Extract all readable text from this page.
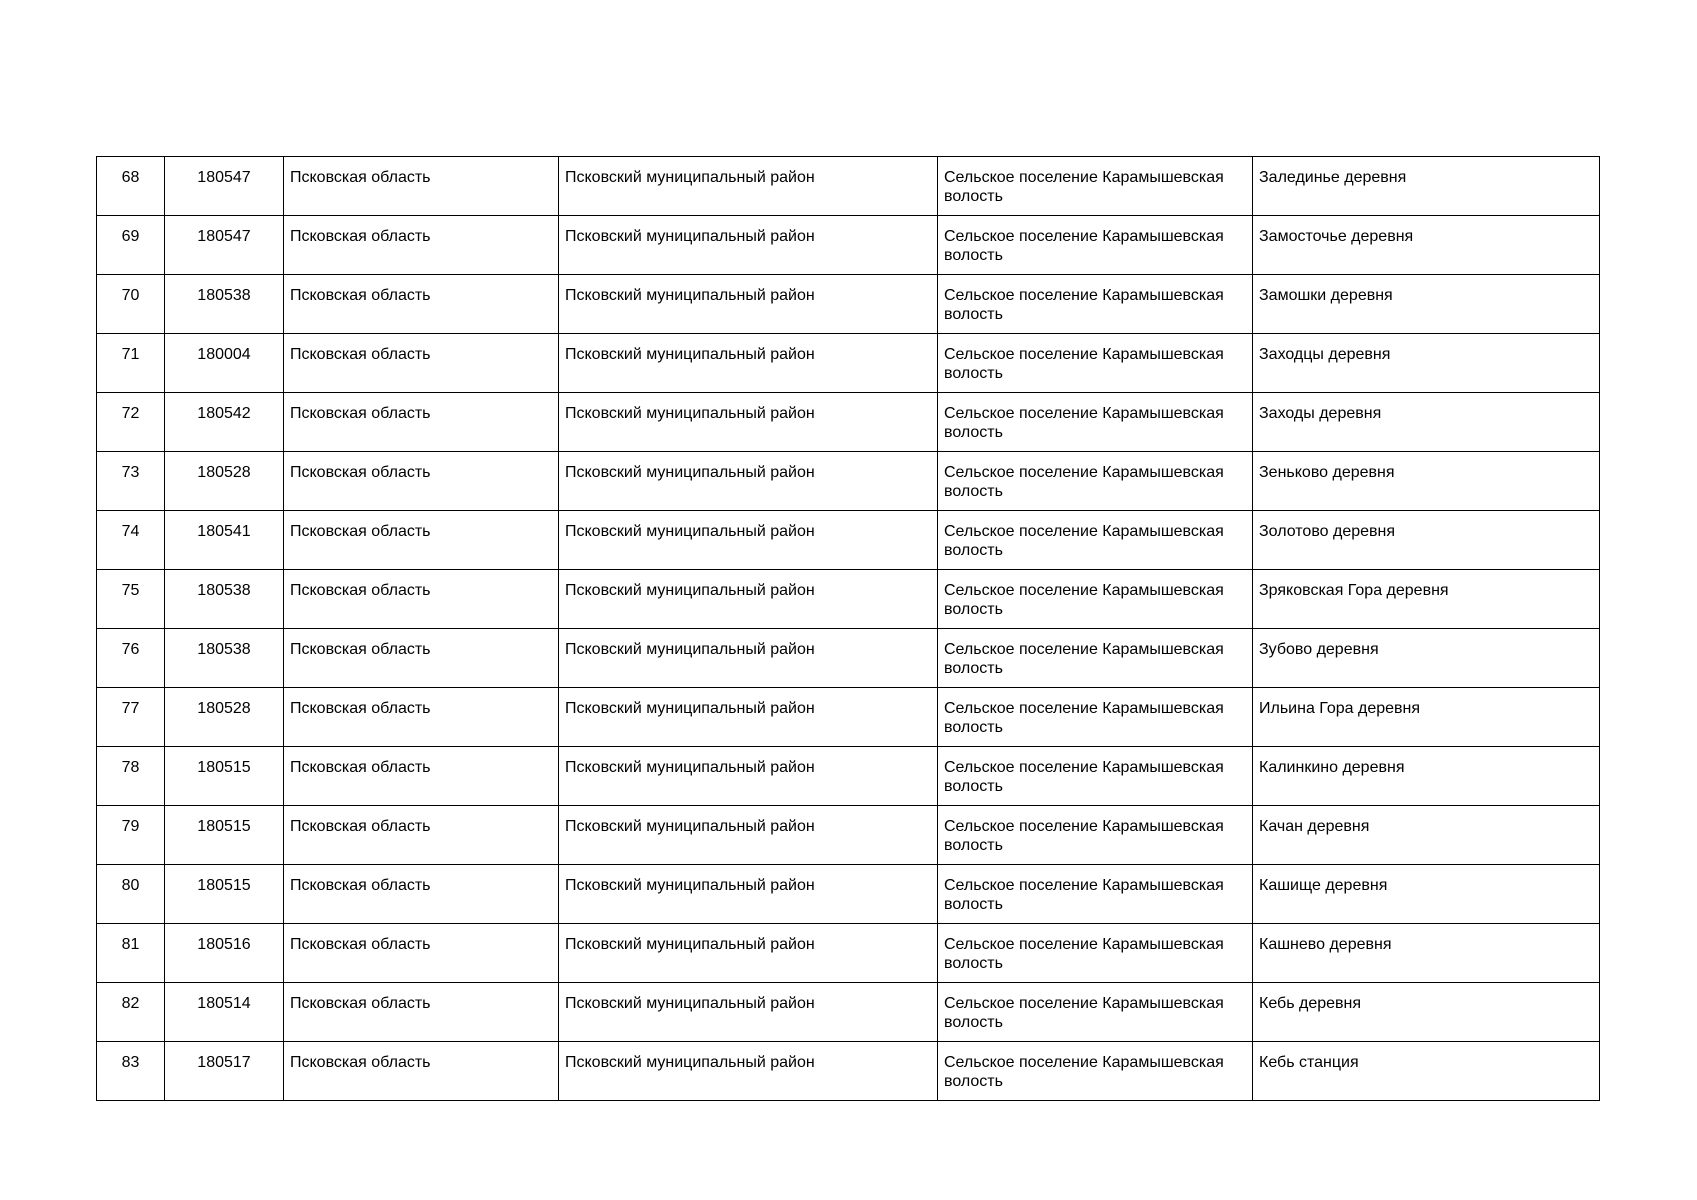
68	180547	Псковская область	Псковский муниципальный район	Сельское поселение Карамышевская волость	Залединье деревня
69	180547	Псковская область	Псковский муниципальный район	Сельское поселение Карамышевская волость	Замосточье деревня
70	180538	Псковская область	Псковский муниципальный район	Сельское поселение Карамышевская волость	Замошки деревня
71	180004	Псковская область	Псковский муниципальный район	Сельское поселение Карамышевская волость	Заходцы деревня
72	180542	Псковская область	Псковский муниципальный район	Сельское поселение Карамышевская волость	Заходы деревня
73	180528	Псковская область	Псковский муниципальный район	Сельское поселение Карамышевская волость	Зеньково деревня
74	180541	Псковская область	Псковский муниципальный район	Сельское поселение Карамышевская волость	Золотово деревня
75	180538	Псковская область	Псковский муниципальный район	Сельское поселение Карамышевская волость	Зряковская Гора деревня
76	180538	Псковская область	Псковский муниципальный район	Сельское поселение Карамышевская волость	Зубово деревня
77	180528	Псковская область	Псковский муниципальный район	Сельское поселение Карамышевская волость	Ильина Гора деревня
78	180515	Псковская область	Псковский муниципальный район	Сельское поселение Карамышевская волость	Калинкино деревня
79	180515	Псковская область	Псковский муниципальный район	Сельское поселение Карамышевская волость	Качан деревня
80	180515	Псковская область	Псковский муниципальный район	Сельское поселение Карамышевская волость	Кашище деревня
81	180516	Псковская область	Псковский муниципальный район	Сельское поселение Карамышевская волость	Кашнево деревня
82	180514	Псковская область	Псковский муниципальный район	Сельское поселение Карамышевская волость	Кебь деревня
83	180517	Псковская область	Псковский муниципальный район	Сельское поселение Карамышевская волость	Кебь станция
